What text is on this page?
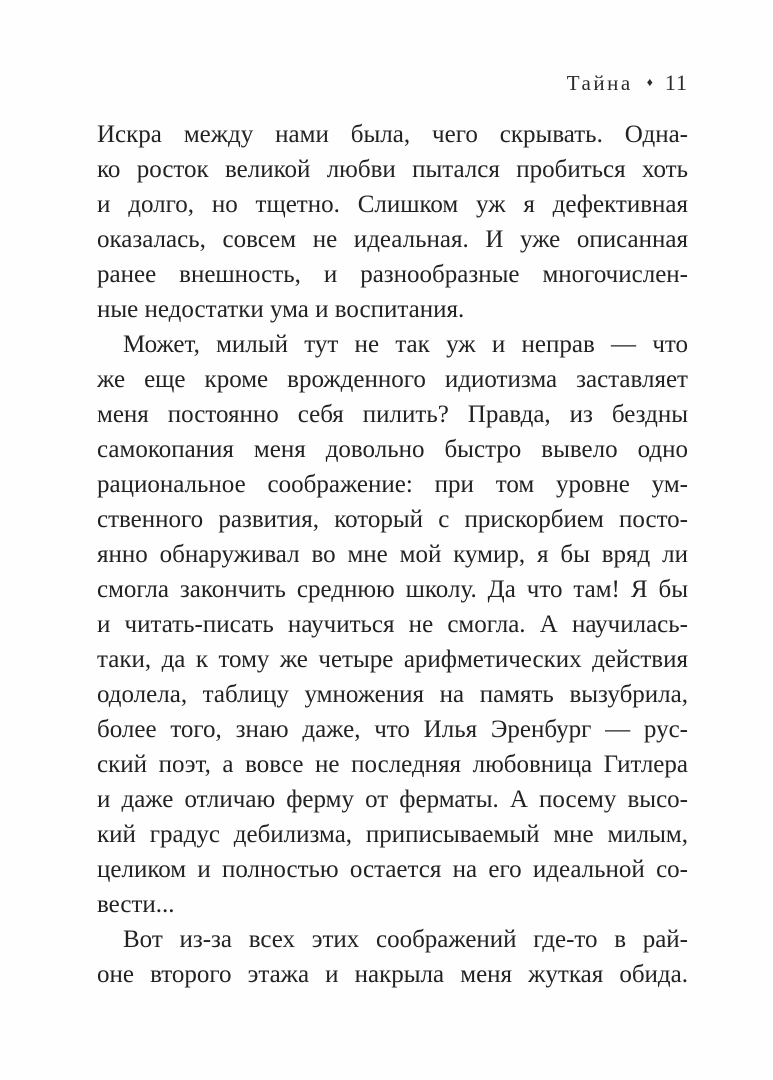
Тайна ♦ 11
Искра между нами была, чего скрывать. Одна-
ко росток великой любви пытался пробиться хоть
и долго, но тщетно. Слишком уж я дефективная
оказалась, совсем не идеальная. И уже описанная
ранее внешность, и разнообразные многочислен-
ные недостатки ума и воспитания.
Может, милый тут не так уж и неправ — что
же еще кроме врожденного идиотизма заставляет
меня постоянно себя пилить? Правда, из бездны
самокопания меня довольно быстро вывело одно
рациональное соображение: при том уровне ум-
ственного развития, который с прискорбием посто-
янно обнаруживал во мне мой кумир, я бы вряд ли
смогла закончить среднюю школу. Да что там! Я бы
и читать-писать научиться не смогла. А научилась-
таки, да к тому же четыре арифметических действия
одолела, таблицу умножения на память вызубрила,
более того, знаю даже, что Илья Эренбург — рус-
ский поэт, а вовсе не последняя любовница Гитлера
и даже отличаю ферму от ферматы. А посему высо-
кий градус дебилизма, приписываемый мне милым,
целиком и полностью остается на его идеальной со-
вести...
Вот из-за всех этих соображений где-то в рай-
оне второго этажа и накрыла меня жуткая обида.
